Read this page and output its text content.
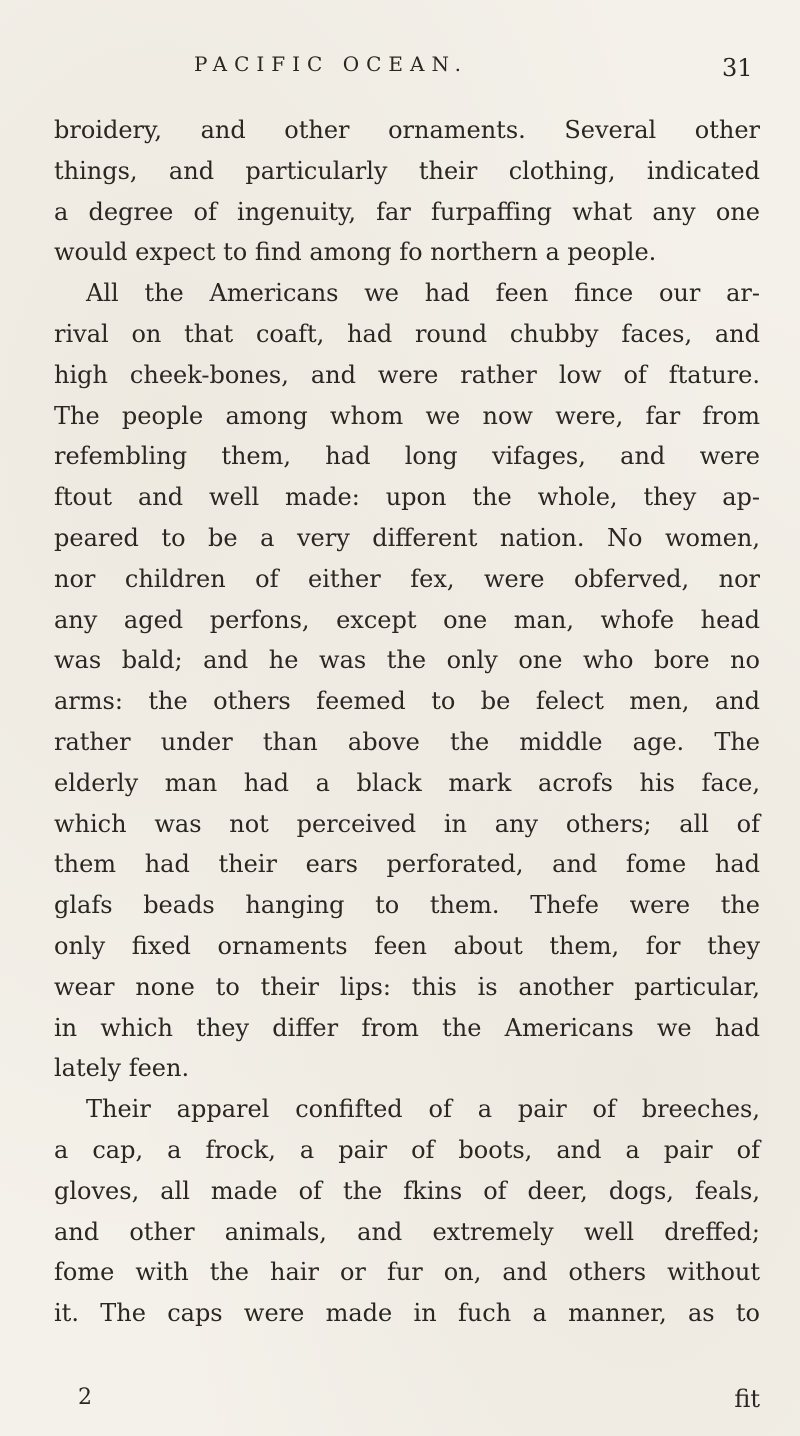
PACIFIC OCEAN.	31
broidery, and other ornaments. Several other
things, and particularly their clothing, indicated
a degree of ingenuity, far furpaffing what any one
would expect to find among fo northern a people.
All the Americans we had feen fince our ar-
rival on that coaft, had round chubby faces, and
high cheek-bones, and were rather low of ftature.
The people among whom we now were, far from
refembling them, had long vifages, and were
ftout and well made: upon the whole, they ap-
peared to be a very different nation. No women,
nor children of either fex, were obferved, nor
any aged perfons, except one man, whofe head
was bald; and he was the only one who bore no
arms: the others feemed to be felect men, and
rather under than above the middle age. The
elderly man had a black mark acrofs his face,
which was not perceived in any others; all of
them had their ears perforated, and fome had
glafs beads hanging to them. Thefe were the
only fixed ornaments feen about them, for they
wear none to their lips: this is another particular,
in which they differ from the Americans we had
lately feen.
Their apparel confifted of a pair of breeches,
a cap, a frock, a pair of boots, and a pair of
gloves, all made of the fkins of deer, dogs, feals,
and other animals, and extremely well dreffed;
fome with the hair or fur on, and others without
it. The caps were made in fuch a manner, as to
2	fit
